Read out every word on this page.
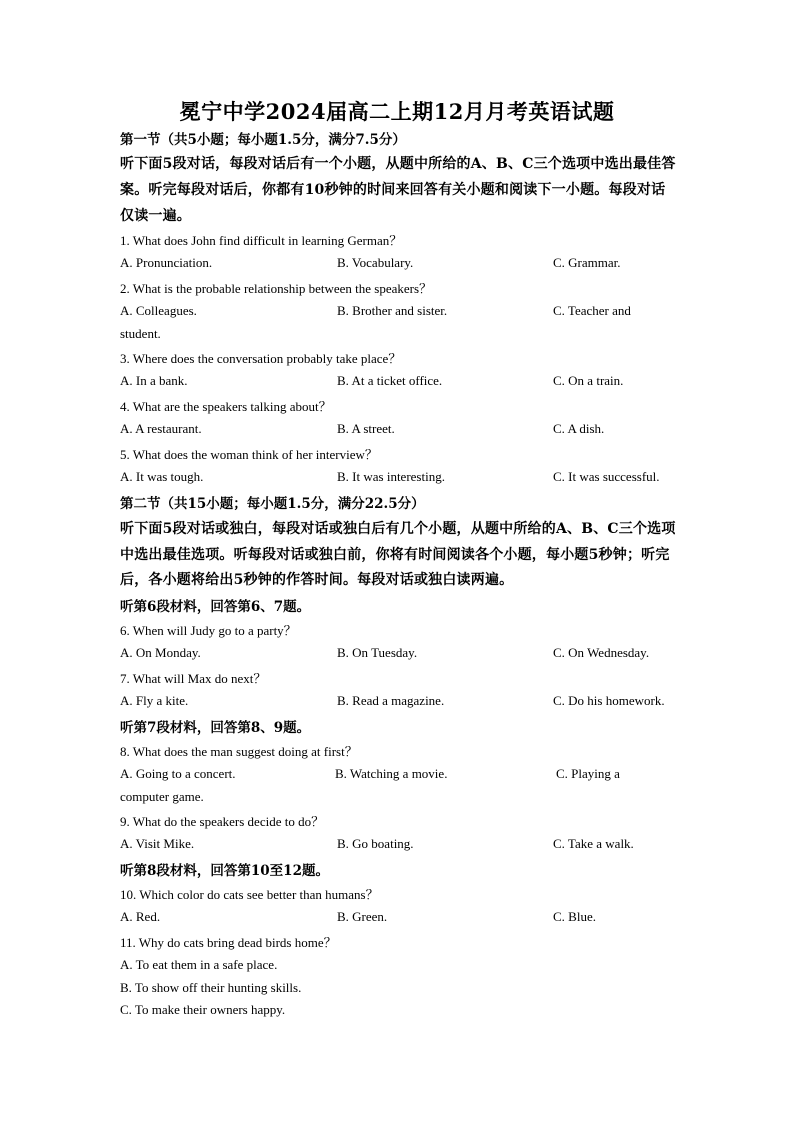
冕宁中学2024届高二上期12月月考英语试题
第一节（共5小题；每小题1.5分，满分7.5分）
听下面5段对话，每段对话后有一个小题，从题中所给的A、B、C三个选项中选出最佳答
案。听完每段对话后，你都有10秒钟的时间来回答有关小题和阅读下一小题。每段对话
仅读一遍。
1. What does John find difficult in learning German？
A. Pronunciation.	B. Vocabulary.	C. Grammar.
2. What is the probable relationship between the speakers？
A. Colleagues.	B. Brother and sister.	C. Teacher and
student.
3. Where does the conversation probably take place？
A. In a bank.	B. At a ticket office.	C. On a train.
4. What are the speakers talking about？
A. A restaurant.	B. A street.	C. A dish.
5. What does the woman think of her interview？
A. It was tough.	B. It was interesting.	C. It was successful.
第二节（共15小题；每小题1.5分，满分22.5分）
听下面5段对话或独白，每段对话或独白后有几个小题，从题中所给的A、B、C三个选项
中选出最佳选项。听每段对话或独白前，你将有时间阅读各个小题，每小题5秒钟；听完
后，各小题将给出5秒钟的作答时间。每段对话或独白读两遍。
听第6段材料，回答第6、7题。
6. When will Judy go to a party？
A. On Monday.	B. On Tuesday.	C. On Wednesday.
7. What will Max do next？
A. Fly a kite.	B. Read a magazine.	C. Do his homework.
听第7段材料，回答第8、9题。
8. What does the man suggest doing at first？
A. Going to a concert.	B. Watching a movie.	C. Playing a
computer game.
9. What do the speakers decide to do？
A. Visit Mike.	B. Go boating.	C. Take a walk.
听第8段材料，回答第10至12题。
10. Which color do cats see better than humans？
A. Red.	B. Green.	C. Blue.
11. Why do cats bring dead birds home？
A. To eat them in a safe place.
B. To show off their hunting skills.
C. To make their owners happy.
